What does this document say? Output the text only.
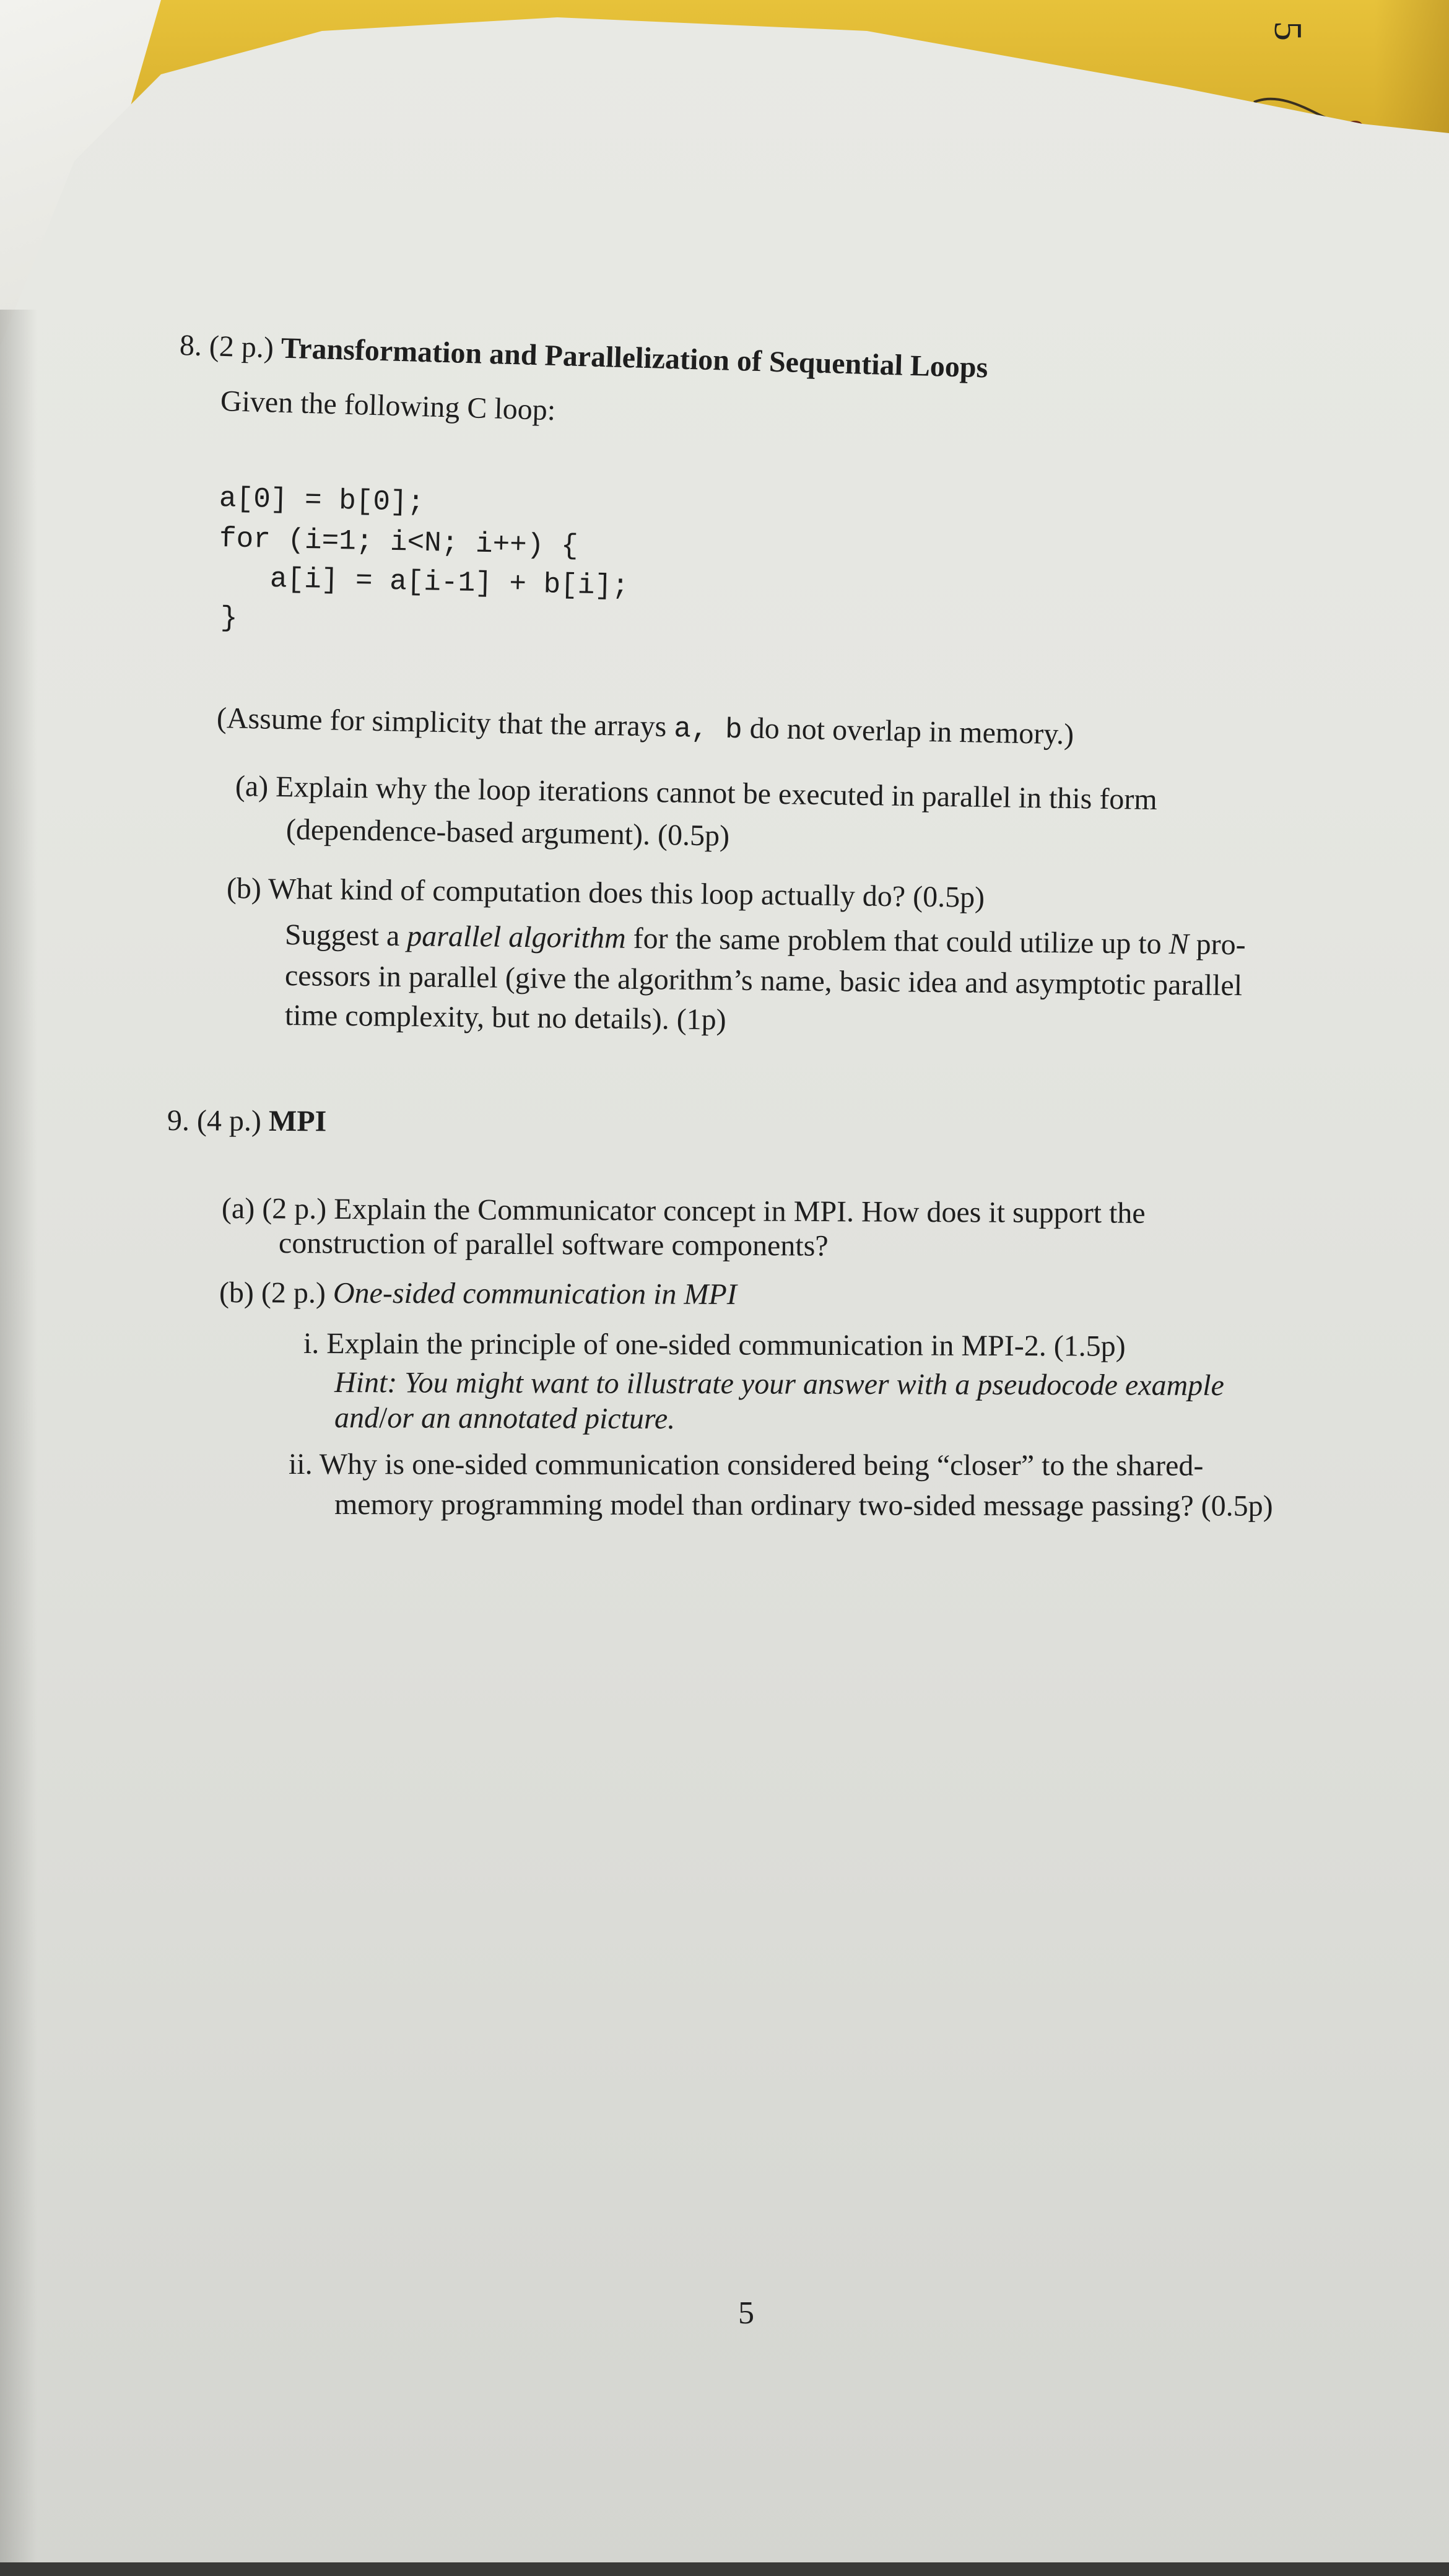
5
8. (2 p.) Transformation and Parallelization of Sequential Loops
Given the following C loop:
a[0] = b[0];
for (i=1; i<N; i++) {
a[i] = a[i-1] + b[i];
}
(Assume for simplicity that the arrays a, b do not overlap in memory.)
(a) Explain why the loop iterations cannot be executed in parallel in this form
(dependence-based argument). (0.5p)
(b) What kind of computation does this loop actually do? (0.5p)
Suggest a parallel algorithm for the same problem that could utilize up to N pro-
cessors in parallel (give the algorithm’s name, basic idea and asymptotic parallel
time complexity, but no details). (1p)
9. (4 p.) MPI
(a) (2 p.) Explain the Communicator concept in MPI. How does it support the
construction of parallel software components?
(b) (2 p.) One-sided communication in MPI
i. Explain the principle of one-sided communication in MPI-2. (1.5p)
Hint: You might want to illustrate your answer with a pseudocode example
and/or an annotated picture.
ii. Why is one-sided communication considered being “closer” to the shared-
memory programming model than ordinary two-sided message passing? (0.5p)
5
